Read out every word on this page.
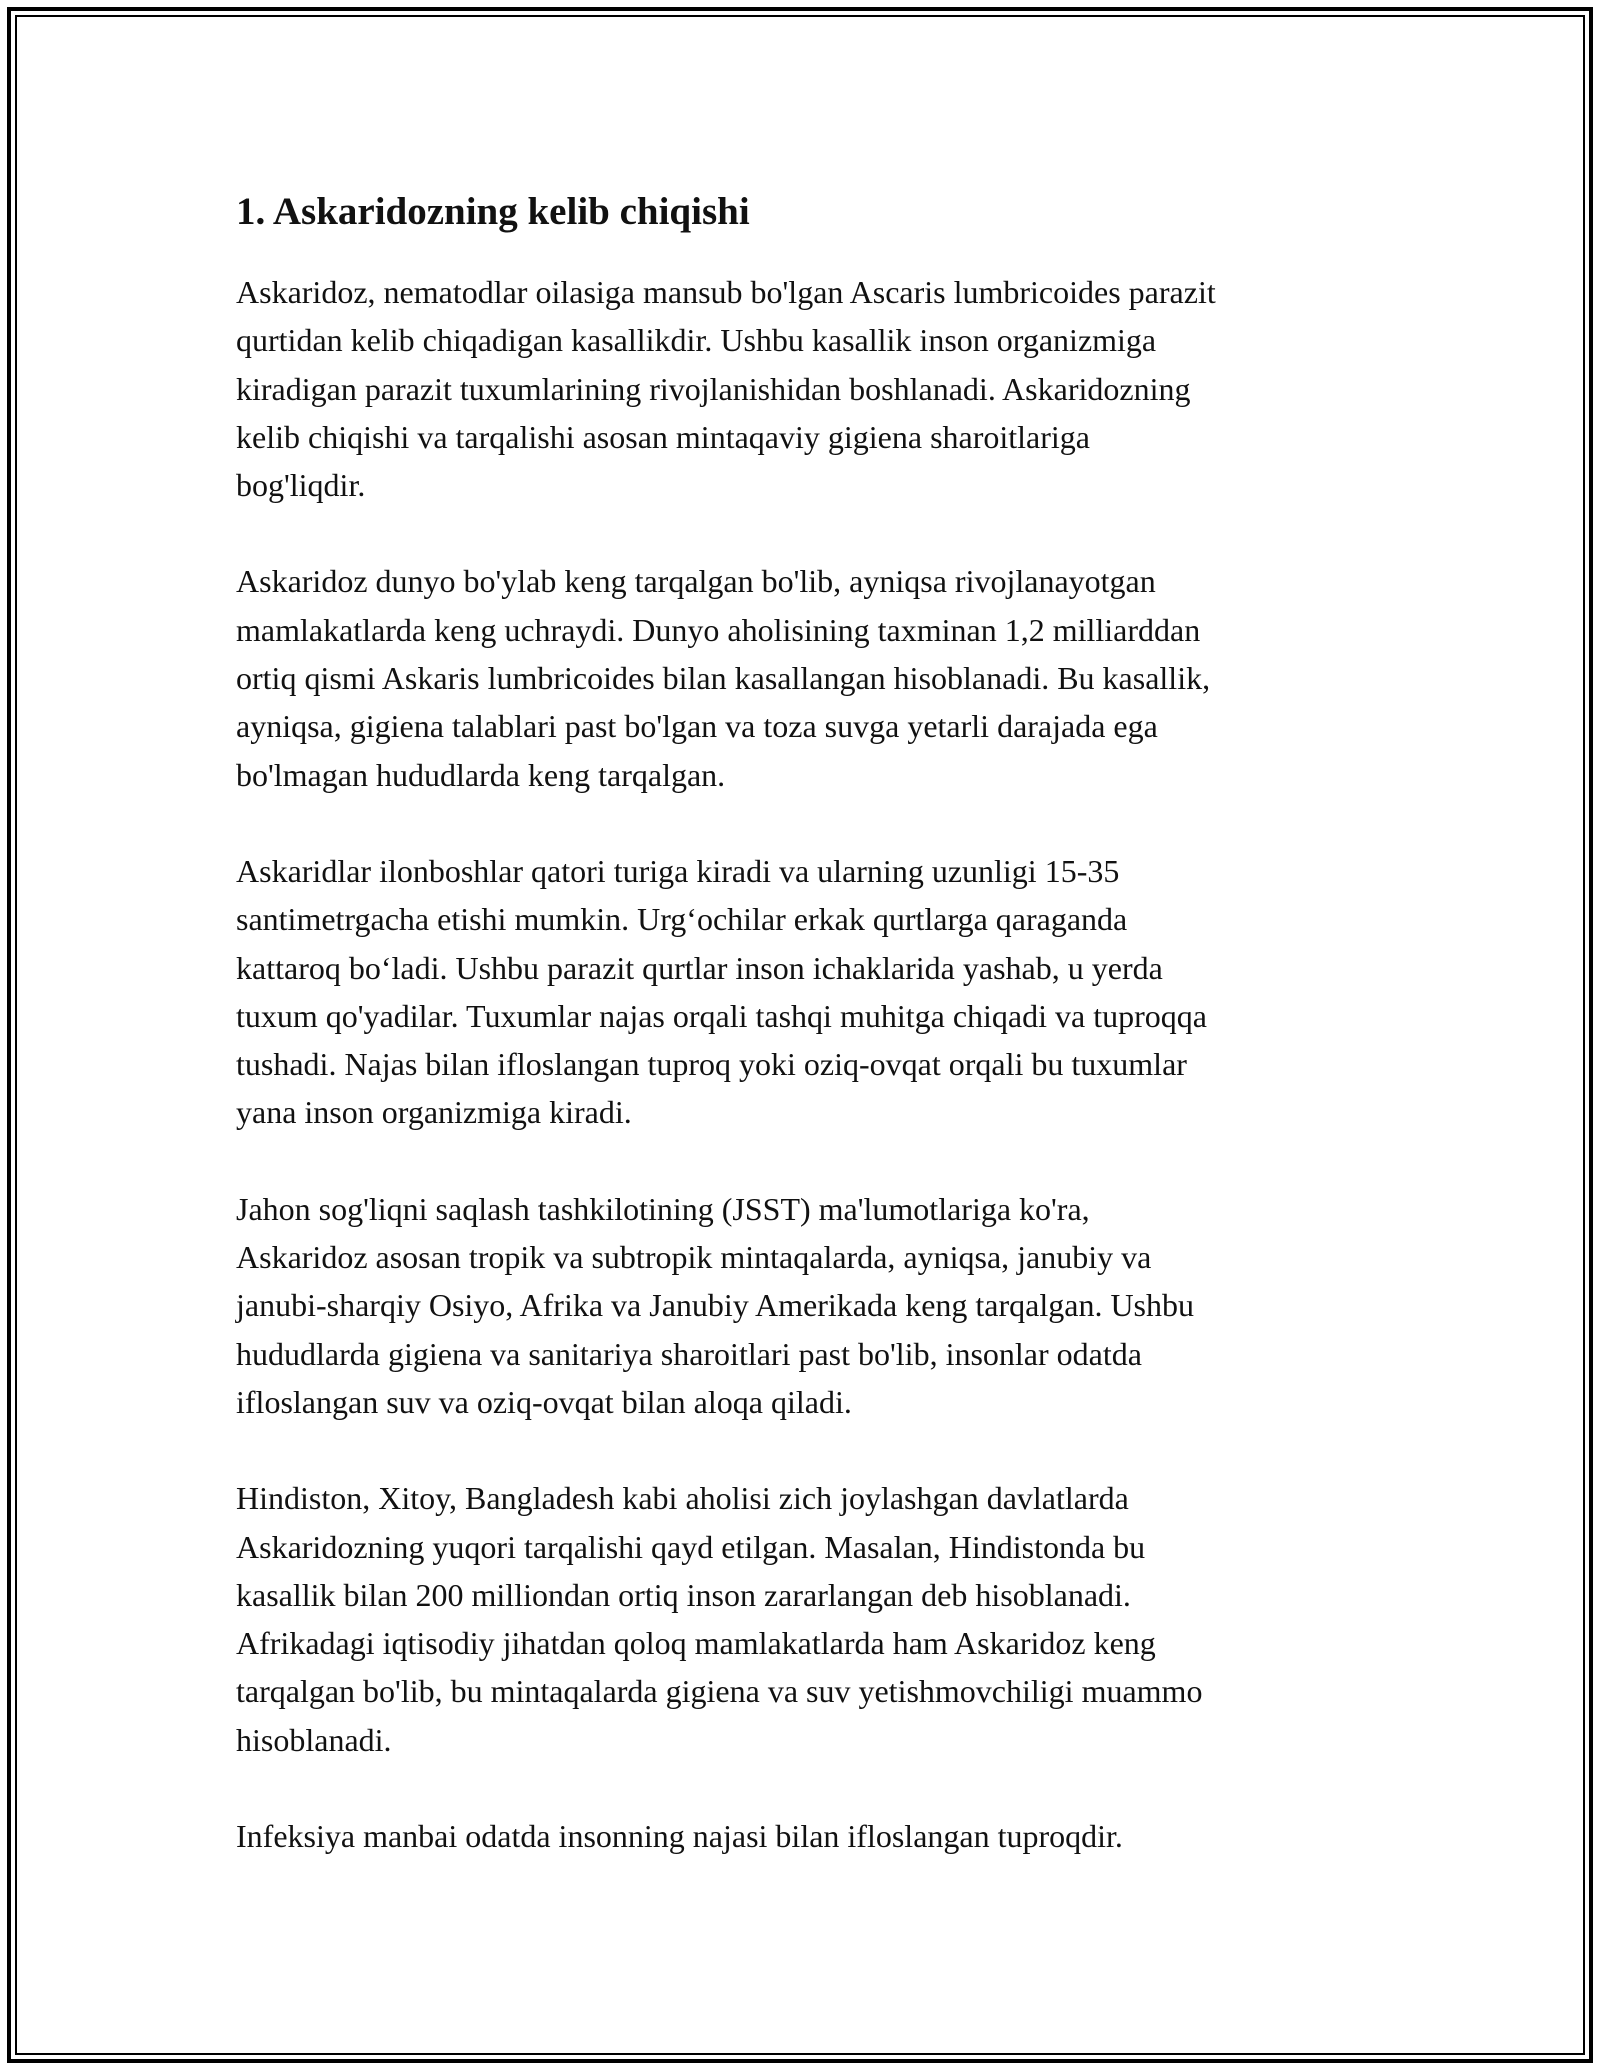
1. Askaridozning kelib chiqishi

Askaridoz, nematodlar oilasiga mansub bo'lgan Ascaris lumbricoides parazit
qurtidan kelib chiqadigan kasallikdir. Ushbu kasallik inson organizmiga
kiradigan parazit tuxumlarining rivojlanishidan boshlanadi. Askaridozning
kelib chiqishi va tarqalishi asosan mintaqaviy gigiena sharoitlariga
bog'liqdir.

Askaridoz dunyo bo'ylab keng tarqalgan bo'lib, ayniqsa rivojlanayotgan
mamlakatlarda keng uchraydi. Dunyo aholisining taxminan 1,2 milliarddan
ortiq qismi Askaris lumbricoides bilan kasallangan hisoblanadi. Bu kasallik,
ayniqsa, gigiena talablari past bo'lgan va toza suvga yetarli darajada ega
bo'lmagan hududlarda keng tarqalgan.

Askaridlar ilonboshlar qatori turiga kiradi va ularning uzunligi 15-35
santimetrgacha etishi mumkin. Urg‘ochilar erkak qurtlarga qaraganda
kattaroq bo‘ladi. Ushbu parazit qurtlar inson ichaklarida yashab, u yerda
tuxum qo'yadilar. Tuxumlar najas orqali tashqi muhitga chiqadi va tuproqqa
tushadi. Najas bilan ifloslangan tuproq yoki oziq-ovqat orqali bu tuxumlar
yana inson organizmiga kiradi.

Jahon sog'liqni saqlash tashkilotining (JSST) ma'lumotlariga ko'ra,
Askaridoz asosan tropik va subtropik mintaqalarda, ayniqsa, janubiy va
janubi-sharqiy Osiyo, Afrika va Janubiy Amerikada keng tarqalgan. Ushbu
hududlarda gigiena va sanitariya sharoitlari past bo'lib, insonlar odatda
ifloslangan suv va oziq-ovqat bilan aloqa qiladi.

Hindiston, Xitoy, Bangladesh kabi aholisi zich joylashgan davlatlarda
Askaridozning yuqori tarqalishi qayd etilgan. Masalan, Hindistonda bu
kasallik bilan 200 milliondan ortiq inson zararlangan deb hisoblanadi.
Afrikadagi iqtisodiy jihatdan qoloq mamlakatlarda ham Askaridoz keng
tarqalgan bo'lib, bu mintaqalarda gigiena va suv yetishmovchiligi muammo
hisoblanadi.

Infeksiya manbai odatda insonning najasi bilan ifloslangan tuproqdir.
